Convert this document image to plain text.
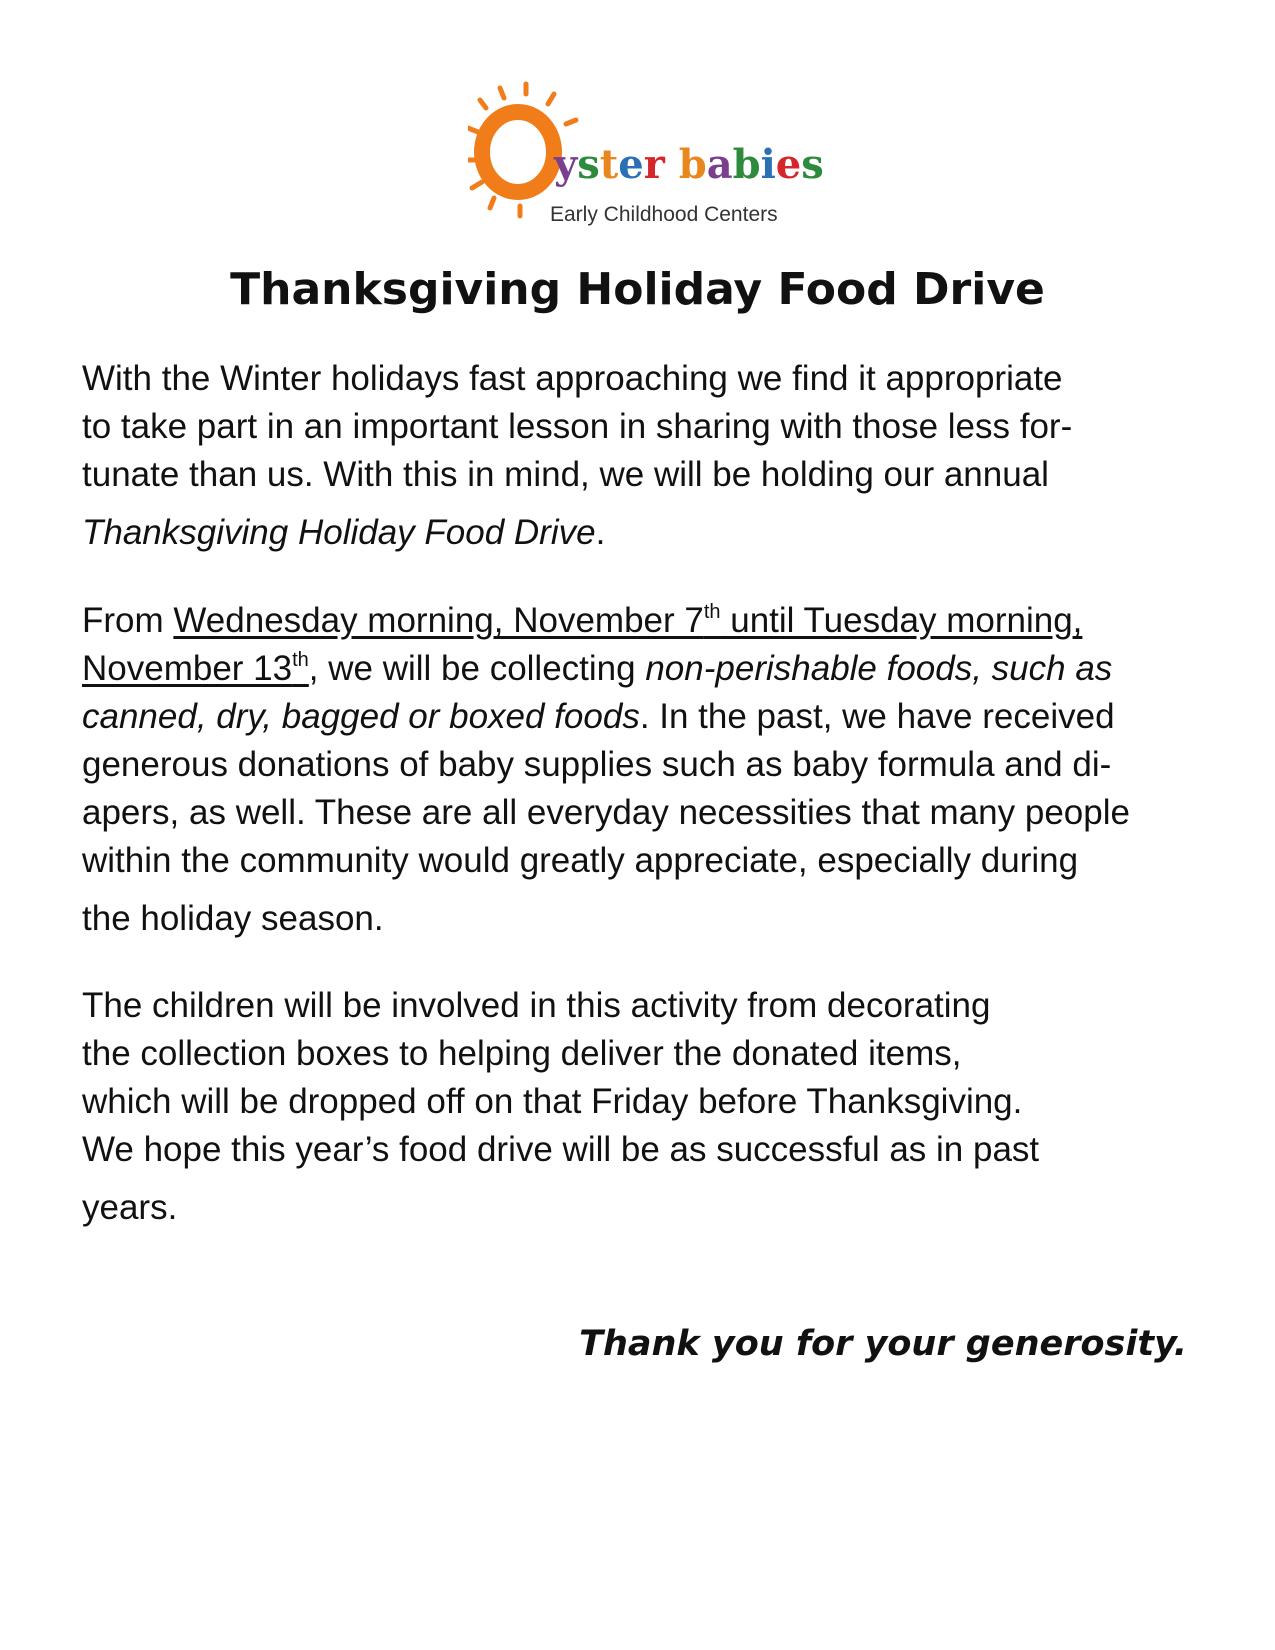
yster babies
Early Childhood Centers
Thanksgiving Holiday Food Drive

With the Winter holidays fast approaching we find it appropriate
to take part in an important lesson in sharing with those less for-
tunate than us. With this in mind, we will be holding our annual
Thanksgiving Holiday Food Drive.

From Wednesday morning, November 7th until Tuesday morning,
November 13th, we will be collecting non-perishable foods, such as
canned, dry, bagged or boxed foods. In the past, we have received
generous donations of baby supplies such as baby formula and di-
apers, as well. These are all everyday necessities that many people
within the community would greatly appreciate, especially during
the holiday season.

The children will be involved in this activity from decorating
the collection boxes to helping deliver the donated items,
which will be dropped off on that Friday before Thanksgiving.
We hope this year’s food drive will be as successful as in past
years.

Thank you for your generosity.
